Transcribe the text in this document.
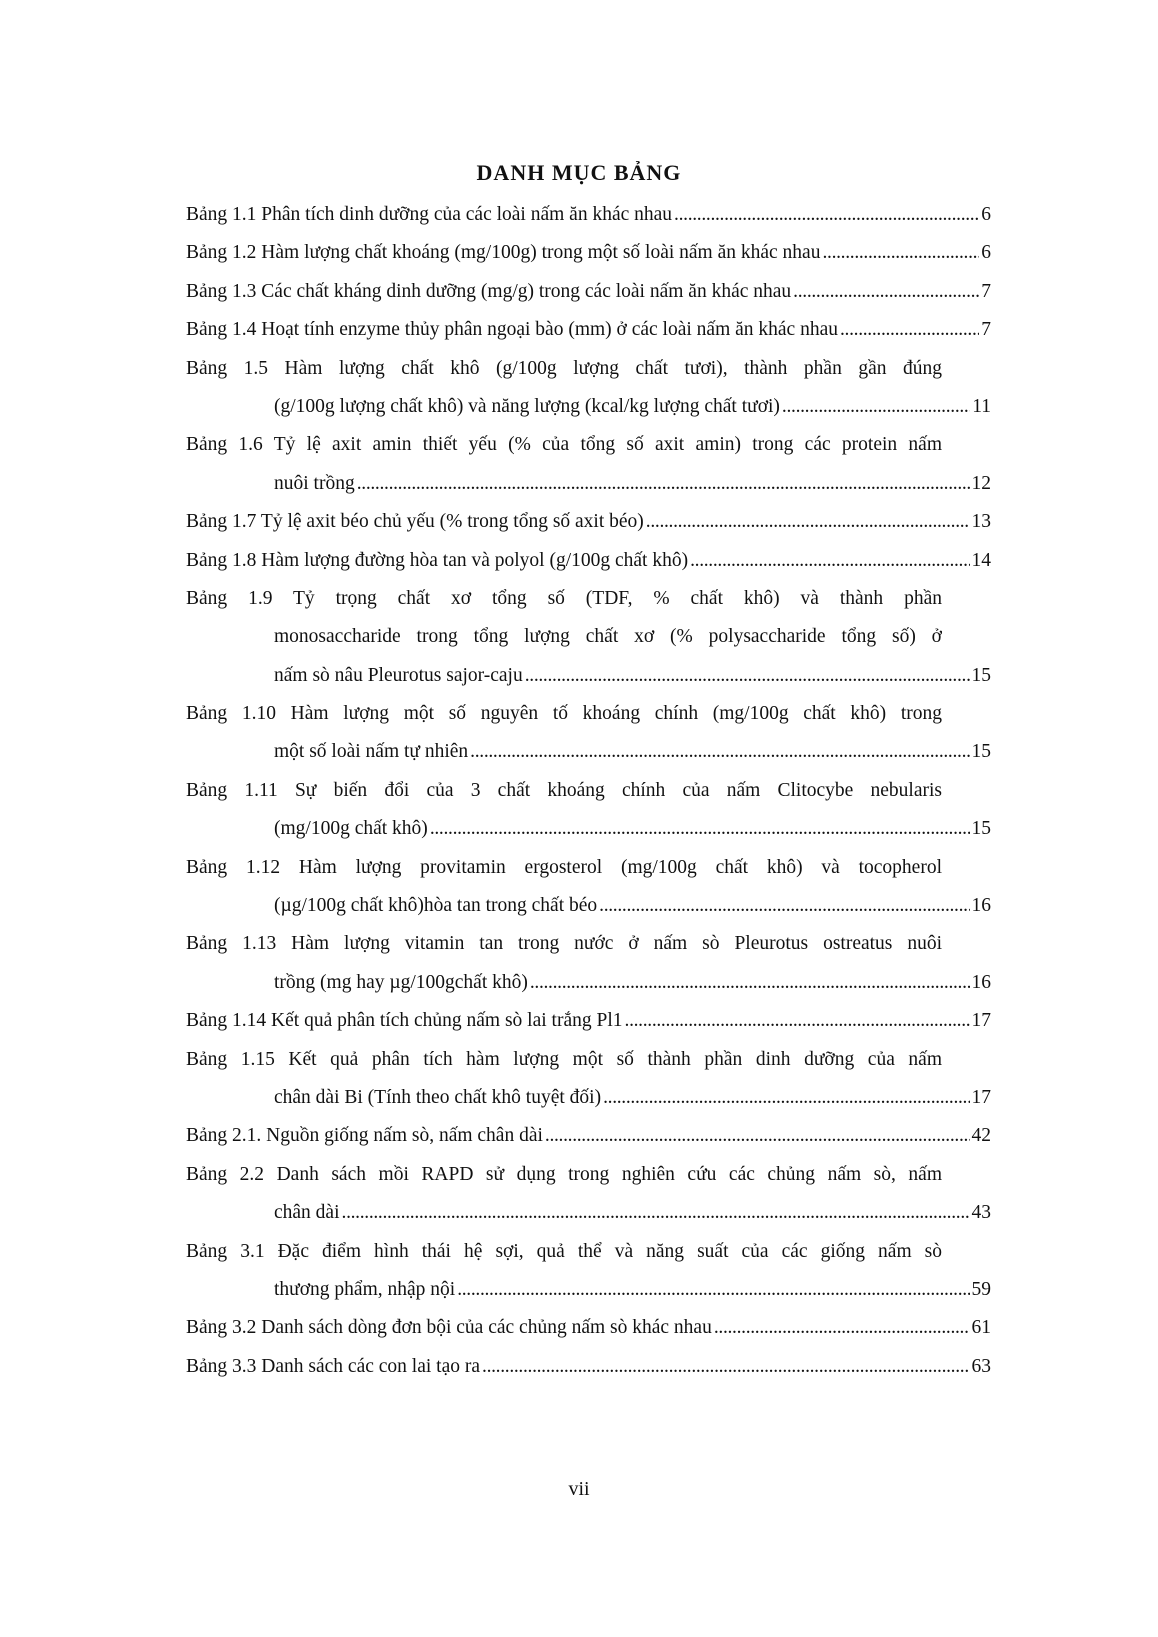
DANH MỤC BẢNG
Bảng 1.1 Phân tích dinh dưỡng của các loài nấm ăn khác nhau . . .	6
Bảng 1.2 Hàm lượng chất khoáng (mg/100g) trong một số loài nấm ăn khác nhau . . .	6
Bảng 1.3 Các chất kháng dinh dưỡng (mg/g) trong các loài nấm ăn khác nhau . . .	7
Bảng 1.4 Hoạt tính enzyme thủy phân ngoại bào (mm) ở các loài nấm ăn khác nhau . . .	7
Bảng 1.5 Hàm lượng chất khô (g/100g lượng chất tươi), thành phần gần đúng
(g/100g lượng chất khô) và năng lượng (kcal/kg lượng chất tươi) . . .	11
Bảng 1.6 Tỷ lệ axit amin thiết yếu (% của tổng số axit amin) trong các protein nấm
nuôi trồng . . .	12
Bảng 1.7 Tỷ lệ axit béo chủ yếu (% trong tổng số axit béo) . . .	13
Bảng 1.8 Hàm lượng đường hòa tan và polyol (g/100g chất khô) . . .	14
Bảng 1.9 Tỷ trọng chất xơ tổng số (TDF, % chất khô) và thành phần
monosaccharide trong tổng lượng chất xơ (% polysaccharide tổng số) ở
nấm sò nâu Pleurotus sajor-caju . . .	15
Bảng 1.10 Hàm lượng một số nguyên tố khoáng chính (mg/100g chất khô) trong
một số loài nấm tự nhiên . . .	15
Bảng 1.11 Sự biến đổi của 3 chất khoáng chính của nấm Clitocybe nebularis
(mg/100g chất khô) . . .	15
Bảng 1.12 Hàm lượng provitamin ergosterol (mg/100g chất khô) và tocopherol
(µg/100g chất khô)hòa tan trong chất béo . . .	16
Bảng 1.13 Hàm lượng vitamin tan trong nước ở nấm sò Pleurotus ostreatus nuôi
trồng (mg hay µg/100gchất khô) . . .	16
Bảng 1.14 Kết quả phân tích chủng nấm sò lai trắng Pl1 . . .	17
Bảng 1.15 Kết quả phân tích hàm lượng một số thành phần dinh dưỡng của nấm
chân dài Bi (Tính theo chất khô tuyệt đối) . . .	17
Bảng 2.1. Nguồn giống nấm sò, nấm chân dài . . .	42
Bảng 2.2 Danh sách mồi RAPD sử dụng trong nghiên cứu các chủng nấm sò, nấm
chân dài . . .	43
Bảng 3.1 Đặc điểm hình thái hệ sợi, quả thể và năng suất của các giống nấm sò
thương phẩm, nhập nội . . .	59
Bảng 3.2 Danh sách dòng đơn bội của các chủng nấm sò khác nhau . . .	61
Bảng 3.3 Danh sách các con lai tạo ra . . .	63
vii
